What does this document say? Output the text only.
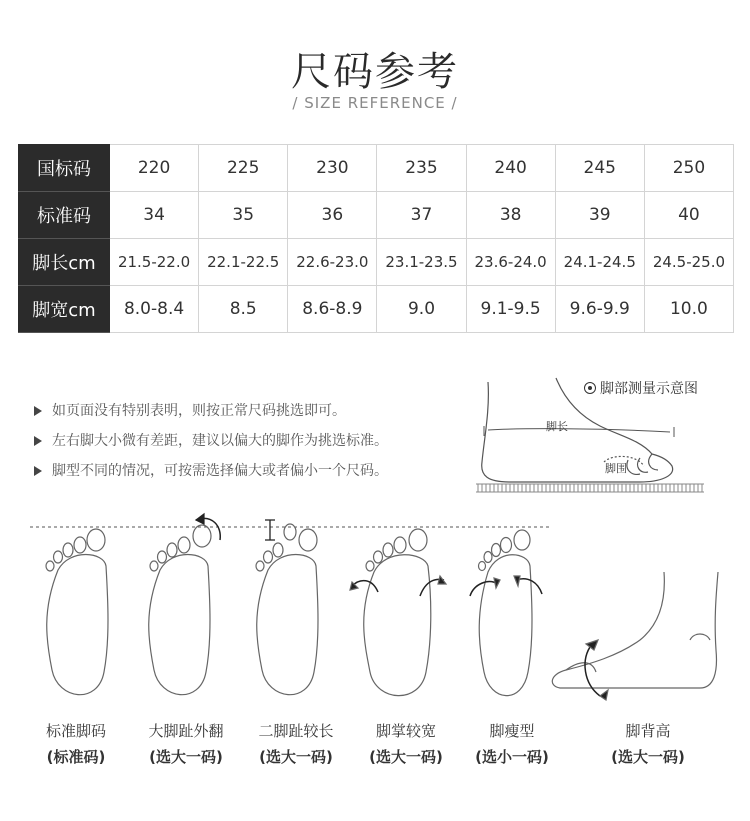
尺码参考
/ SIZE REFERENCE /
国标码	220	225	230	235	240	245	250
标准码	34	35	36	37	38	39	40
脚长cm	21.5-22.0	22.1-22.5	22.6-23.0	23.1-23.5	23.6-24.0	24.1-24.5	24.5-25.0
脚宽cm	8.0-8.4	8.5	8.6-8.9	9.0	9.1-9.5	9.6-9.9	10.0
如页面没有特别表明，则按正常尺码挑选即可。
左右脚大小微有差距，建议以偏大的脚作为挑选标准。
脚型不同的情况，可按需选择偏大或者偏小一个尺码。
脚部测量示意图
脚长
脚围
标准脚码
(标准码)
大脚趾外翻
(选大一码)
二脚趾较长
(选大一码)
脚掌较宽
(选大一码)
脚瘦型
(选小一码)
脚背高
(选大一码)
